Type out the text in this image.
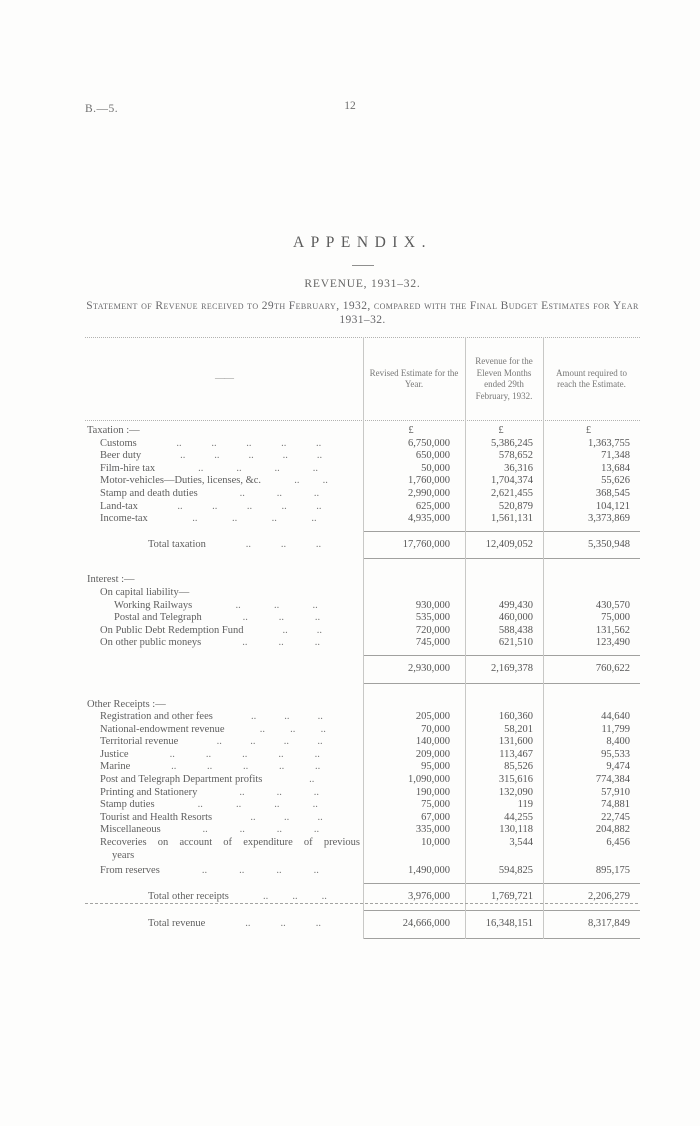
B.—5.	12
APPENDIX.
REVENUE, 1931–32.
Statement of Revenue received to 29th February, 1932, compared with the Final Budget Estimates for Year 1931–32.
——
Revised Estimate for the Year.
Revenue for the Eleven Months ended 29th February, 1932.
Amount required to reach the Estimate.
Taxation :—	£	£	£
Customs	..	..	..	..	..	6,750,000	5,386,245	1,363,755
Beer duty	..	..	..	..	..	650,000	578,652	71,348
Film-hire tax	..	..	..	..	50,000	36,316	13,684
Motor-vehicles—Duties, licenses, &c.	.. ..	1,760,000	1,704,374	55,626
Stamp and death duties	..	..	..	2,990,000	2,621,455	368,545
Land-tax	..	..	..	..	..	625,000	520,879	104,121
Income-tax	..	..	..	..	4,935,000	1,561,131	3,373,869
Total taxation	..	..	..	17,760,000	12,409,052	5,350,948
Interest :—
On capital liability—
Working Railways	..	..	..	930,000	499,430	430,570
Postal and Telegraph	..	..	..	535,000	460,000	75,000
On Public Debt Redemption Fund	..	..	720,000	588,438	131,562
On other public moneys	..	..	..	745,000	621,510	123,490
2,930,000	2,169,378	760,622
Other Receipts :—
Registration and other fees	..	..	..	205,000	160,360	44,640
National-endowment revenue	.. .. ..	70,000	58,201	11,799
Territorial revenue	..	..	..	..	140,000	131,600	8,400
Justice	..	..	..	..	..	209,000	113,467	95,533
Marine	..	..	..	..	..	95,000	85,526	9,474
Post and Telegraph Department profits	..	1,090,000	315,616	774,384
Printing and Stationery	..	..	..	190,000	132,090	57,910
Stamp duties	..	..	..	..	75,000	119	74,881
Tourist and Health Resorts	..	..	..	67,000	44,255	22,745
Miscellaneous	..	..	..	..	335,000	130,118	204,882
Recoveries on account of expenditure of previous	10,000	3,544	6,456
years
From reserves	..	..	..	..	1,490,000	594,825	895,175
Total other receipts	.. .. ..	3,976,000	1,769,721	2,206,279
Total revenue	..	..	..	24,666,000	16,348,151	8,317,849
